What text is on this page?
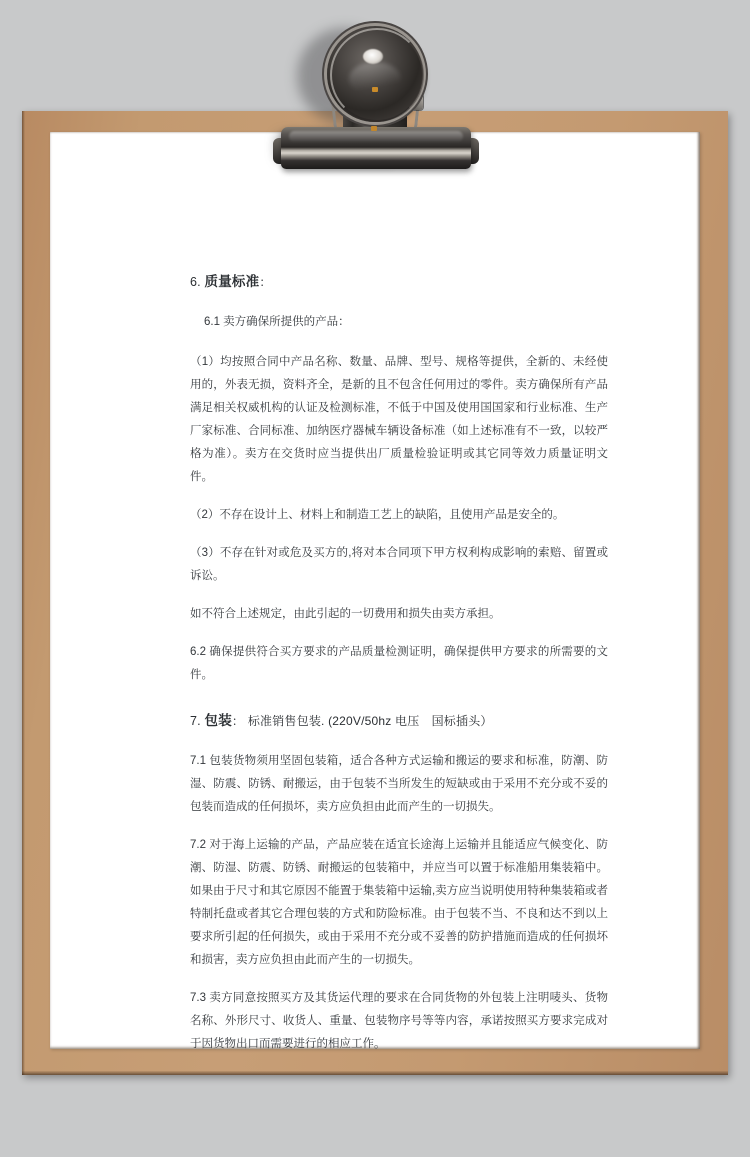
6. 质量标准：

6.1 卖方确保所提供的产品：

（1）均按照合同中产品名称、数量、品牌、型号、规格等提供，全新的、未经使用的，外表无损，资料齐全，是新的且不包含任何用过的零件。卖方确保所有产品满足相关权威机构的认证及检测标准，不低于中国及使用国国家和行业标准、生产厂家标准、合同标准、加纳医疗器械车辆设备标准（如上述标准有不一致，以较严格为准）。卖方在交货时应当提供出厂质量检验证明或其它同等效力质量证明文件。

（2）不存在设计上、材料上和制造工艺上的缺陷，且使用产品是安全的。

（3）不存在针对或危及买方的,将对本合同项下甲方权利构成影响的索赔、留置或诉讼。

如不符合上述规定，由此引起的一切费用和损失由卖方承担。

6.2 确保提供符合买方要求的产品质量检测证明，确保提供甲方要求的所需要的文件。

7. 包装： 标准销售包装. (220V/50hz 电压　国标插头）

7.1 包装货物须用坚固包装箱，适合各种方式运输和搬运的要求和标准，防潮、防湿、防震、防锈、耐搬运，由于包装不当所发生的短缺或由于采用不充分或不妥的包装而造成的任何损坏，卖方应负担由此而产生的一切损失。

7.2 对于海上运输的产品，产品应装在适宜长途海上运输并且能适应气候变化、防潮、防湿、防震、防锈、耐搬运的包装箱中，并应当可以置于标准船用集装箱中。如果由于尺寸和其它原因不能置于集装箱中运输,卖方应当说明使用特种集装箱或者特制托盘或者其它合理包装的方式和防险标准。由于包装不当、不良和达不到以上要求所引起的任何损失，或由于采用不充分或不妥善的防护措施而造成的任何损坏和损害，卖方应负担由此而产生的一切损失。

7.3 卖方同意按照买方及其货运代理的要求在合同货物的外包装上注明唛头、货物名称、外形尺寸、收货人、重量、包装物序号等等内容，承诺按照买方要求完成对于因货物出口而需要进行的相应工作。
